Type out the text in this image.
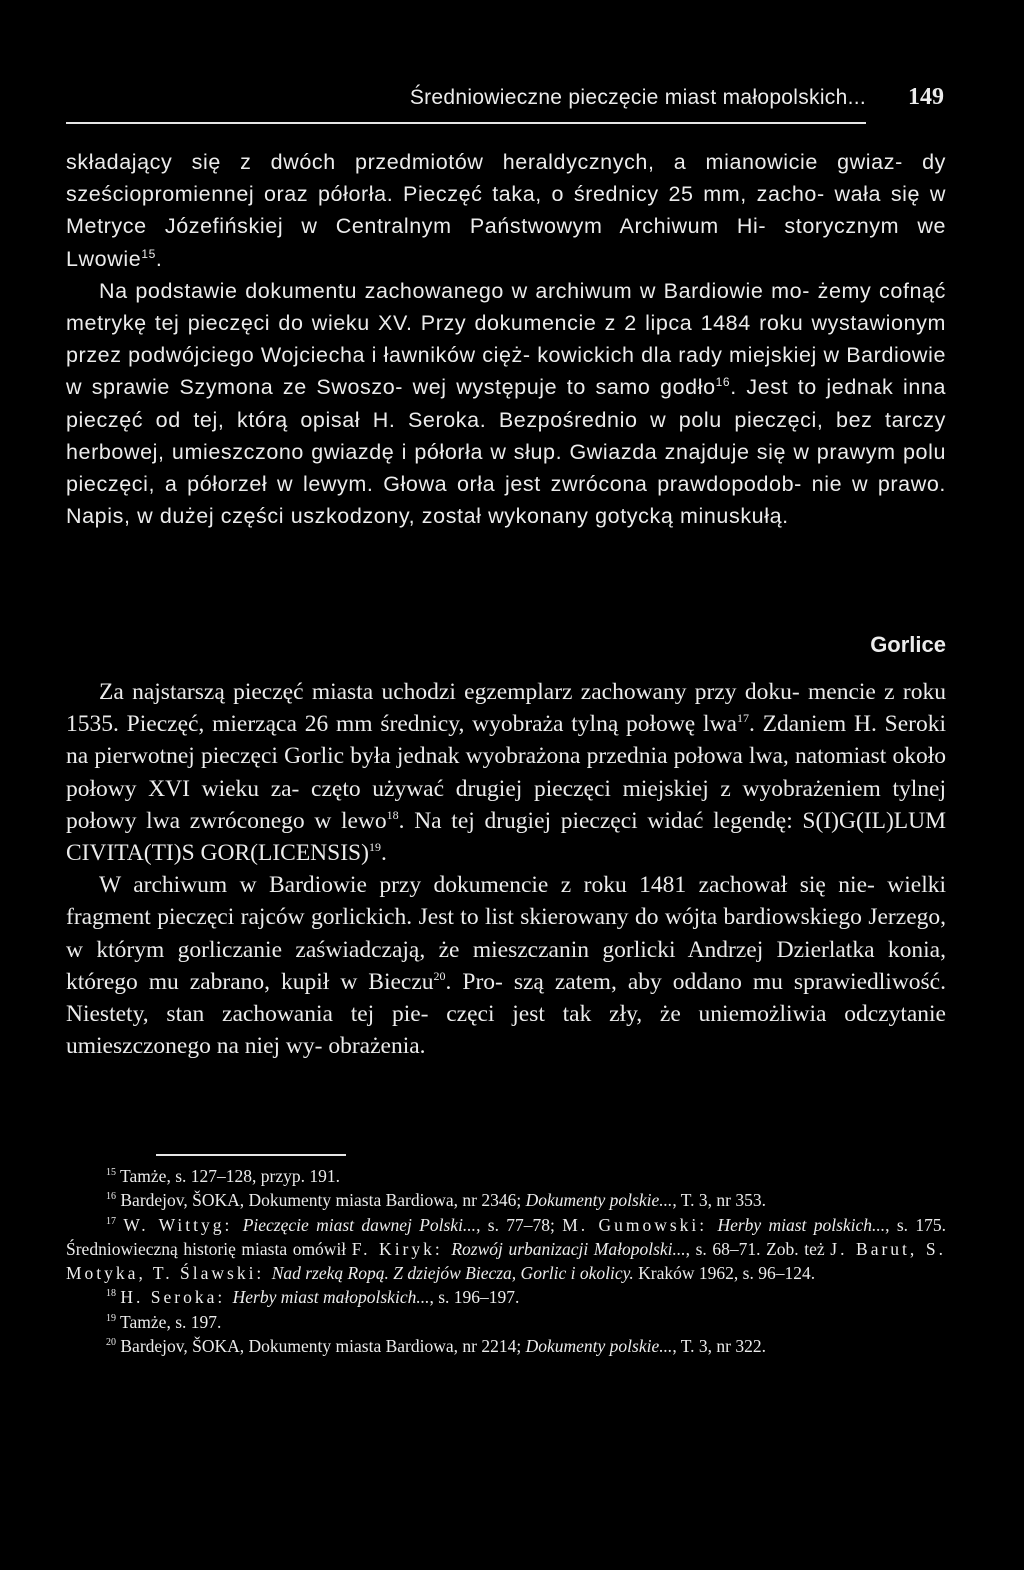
Średniowieczne pieczęcie miast małopolskich... 149

składający się z dwóch przedmiotów heraldycznych, a mianowicie gwiaz- dy sześciopromiennej oraz półorła. Pieczęć taka, o średnicy 25 mm, zacho- wała się w Metryce Józefińskiej w Centralnym Państwowym Archiwum Hi- storycznym we Lwowie$^{15}$.

Na podstawie dokumentu zachowanego w archiwum w Bardiowie mo- żemy cofnąć metrykę tej pieczęci do wieku XV. Przy dokumencie z 2 lipca 1484 roku wystawionym przez podwójciego Wojciecha i ławników cięż- kowickich dla rady miejskiej w Bardiowie w sprawie Szymona ze Swoszo- wej występuje to samo godło$^{16}$. Jest to jednak inna pieczęć od tej, którą opisał H. Seroka. Bezpośrednio w polu pieczęci, bez tarczy herbowej, umieszczono gwiazdę i półorła w słup. Gwiazda znajduje się w prawym polu pieczęci, a półorzeł w lewym. Głowa orła jest zwrócona prawdopodob- nie w prawo. Napis, w dużej części uszkodzony, został wykonany gotycką minuskułą.

Gorlice

Za najstarszą pieczęć miasta uchodzi egzemplarz zachowany przy doku- mencie z roku 1535. Pieczęć, mierząca 26 mm średnicy, wyobraża tylną połowę lwa$^{17}$. Zdaniem H. Seroki na pierwotnej pieczęci Gorlic była jednak wyobrażona przednia połowa lwa, natomiast około połowy XVI wieku za- częto używać drugiej pieczęci miejskiej z wyobrażeniem tylnej połowy lwa zwróconego w lewo$^{18}$. Na tej drugiej pieczęci widać legendę: S(I)G(IL)LUM CIVITA(TI)S GOR(LICENSIS)$^{19}$.

W archiwum w Bardiowie przy dokumencie z roku 1481 zachował się nie- wielki fragment pieczęci rajców gorlickich. Jest to list skierowany do wójta bardiowskiego Jerzego, w którym gorliczanie zaświadczają, że mieszczanin gorlicki Andrzej Dzierlatka konia, którego mu zabrano, kupił w Bieczu$^{20}$. Pro- szą zatem, aby oddano mu sprawiedliwość. Niestety, stan zachowania tej pie- częci jest tak zły, że uniemożliwia odczytanie umieszczonego na niej wy- obrażenia.

$^{15}$ Tamże, s. 127–128, przyp. 191.

$^{16}$ Bardejov, ŠOKA, Dokumenty miasta Bardiowa, nr 2346; Dokumenty polskie..., T. 3, nr 353.

$^{17}$ W. Wittyg: Pieczęcie miast dawnej Polski..., s. 77–78; M. Gumowski: Herby miast polskich..., s. 175. Średniowieczną historię miasta omówił F. Kiryk: Rozwój urbanizacji Małopolski..., s. 68–71. Zob. też J. Barut, S. Motyka, T. Ślawski: Nad rzeką Ropą. Z dziejów Biecza, Gorlic i okolicy. Kraków 1962, s. 96–124.

$^{18}$ H. Seroka: Herby miast małopolskich..., s. 196–197.

$^{19}$ Tamże, s. 197.

$^{20}$ Bardejov, ŠOKA, Dokumenty miasta Bardiowa, nr 2214; Dokumenty polskie..., T. 3, nr 322.
